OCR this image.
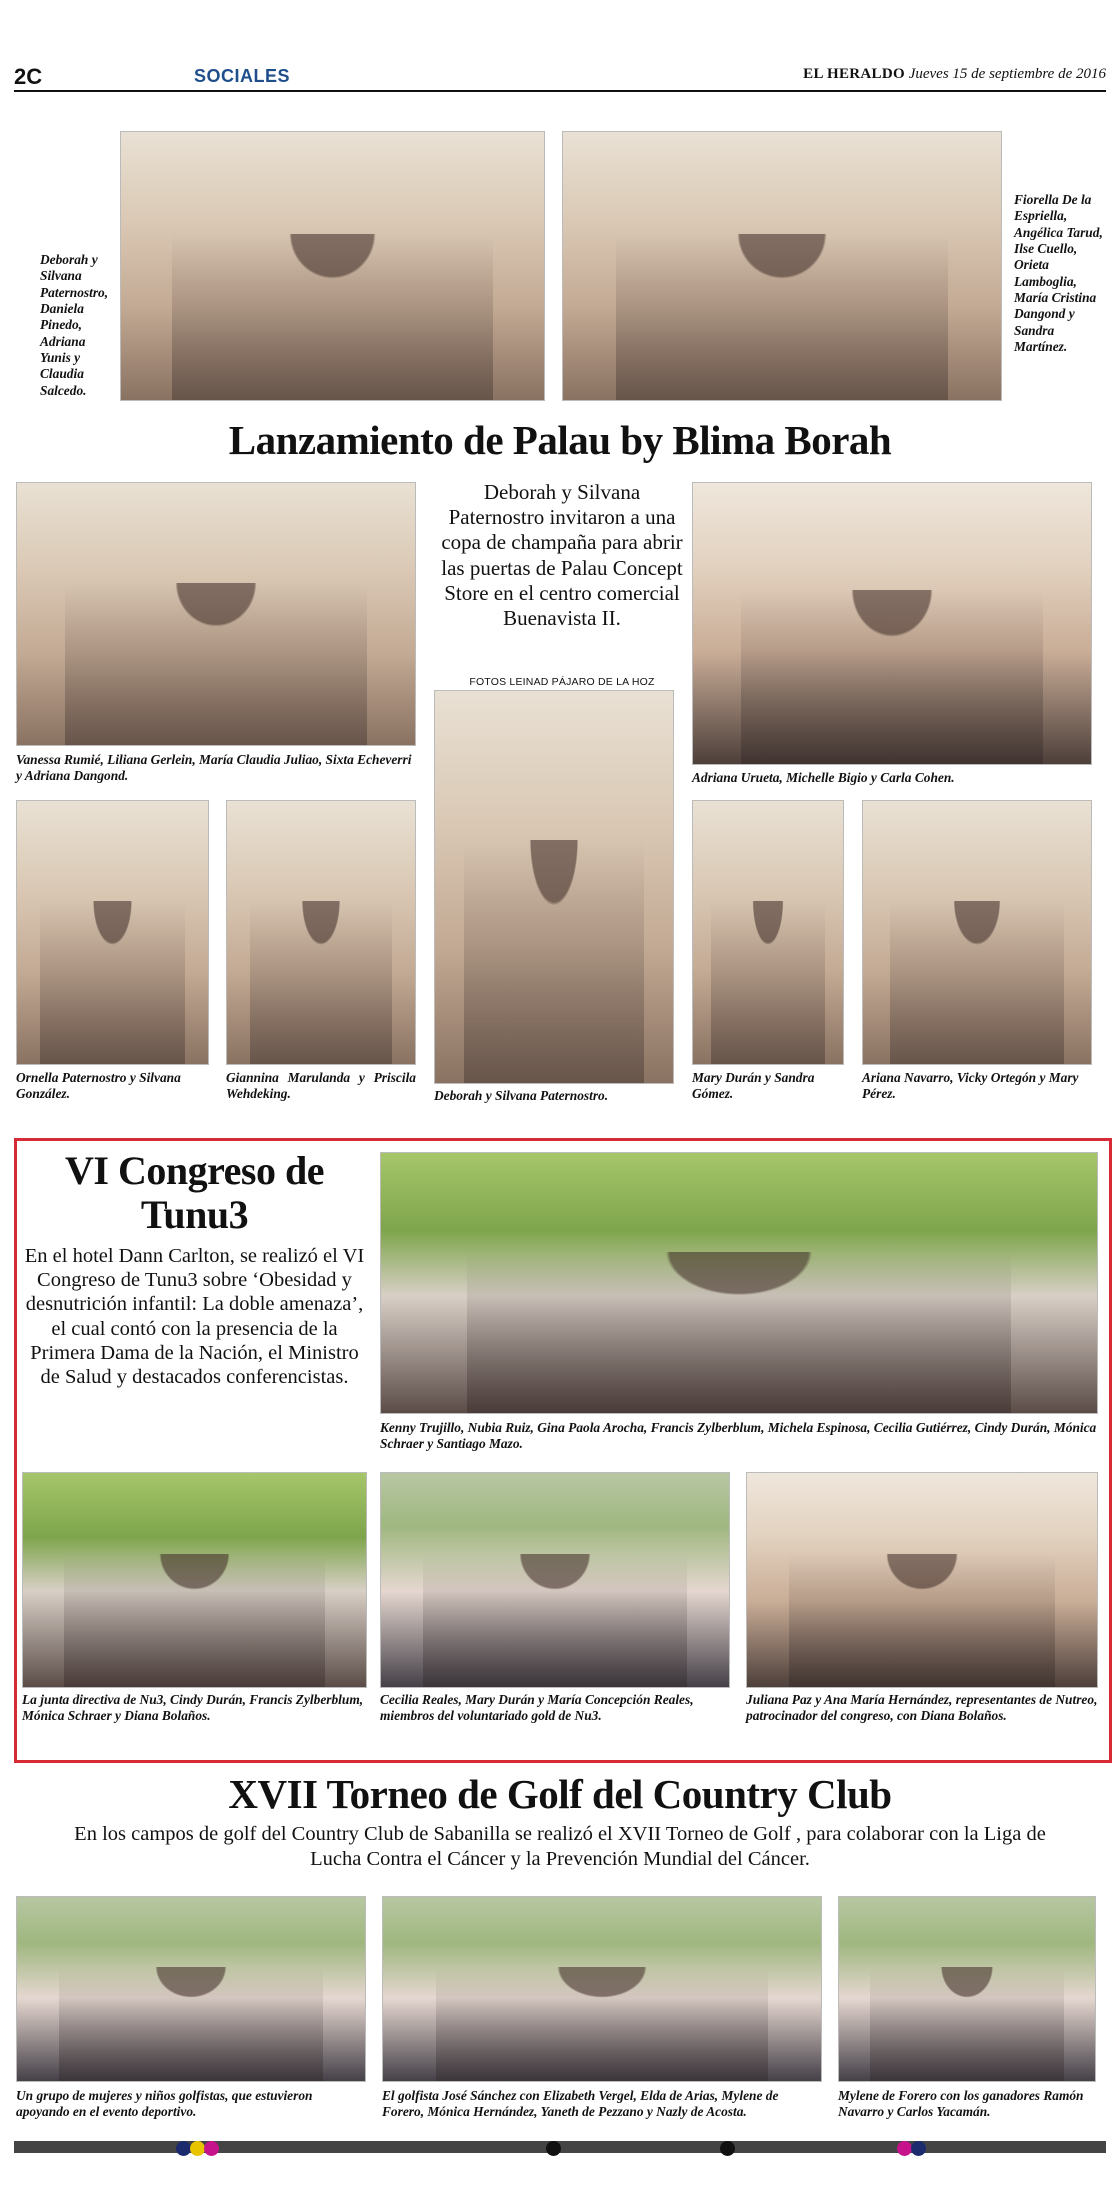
2C	SOCIALES	EL HERALDO Jueves 15 de septiembre de 2016
Deborah y Silvana Paternostro, Daniela Pinedo, Adriana Yunis y Claudia Salcedo.
Fiorella De la Espriella, Angélica Tarud, Ilse Cuello, Orieta Lamboglia, María Cristina Dangond y Sandra Martínez.
Lanzamiento de Palau by Blima Borah
Vanessa Rumié, Liliana Gerlein, María Claudia Juliao, Sixta Echeverri y Adriana Dangond.
Deborah y Silvana Paternostro invitaron a una copa de champaña para abrir las puertas de Palau Concept Store en el centro comercial Buenavista II.
FOTOS LEINAD PÁJARO DE LA HOZ
Adriana Urueta, Michelle Bigio y Carla Cohen.
Ornella Paternostro y Silvana González.
Giannina Marulanda y Priscila Wehdeking.	Deborah y Silvana Paternostro.
Mary Durán y Sandra Gómez.
Ariana Navarro, Vicky Ortegón y Mary Pérez.
VI Congreso de Tunu3
En el hotel Dann Carlton, se realizó el VI Congreso de Tunu3 sobre ‘Obesidad y desnutrición infantil: La doble amenaza’, el cual contó con la presencia de la Primera Dama de la Nación, el Ministro de Salud y destacados conferencistas.
Kenny Trujillo, Nubia Ruiz, Gina Paola Arocha, Francis Zylberblum, Michela Espinosa, Cecilia Gutiérrez, Cindy Durán, Mónica Schraer y Santiago Mazo.
La junta directiva de Nu3, Cindy Durán, Francis Zylberblum, Mónica Schraer y Diana Bolaños.
Cecilia Reales, Mary Durán y María Concepción Reales, miembros del voluntariado gold de Nu3.
Juliana Paz y Ana María Hernández, representantes de Nutreo, patrocinador del congreso, con Diana Bolaños.
XVII Torneo de Golf del Country Club
En los campos de golf del Country Club de Sabanilla se realizó el XVII Torneo de Golf , para colaborar con la Liga de Lucha Contra el Cáncer y la Prevención Mundial del Cáncer.
Un grupo de mujeres y niños golfistas, que estuvieron apoyando en el evento deportivo.
El golfista José Sánchez con Elizabeth Vergel, Elda de Arias, Mylene de Forero, Mónica Hernández, Yaneth de Pezzano y Nazly de Acosta.
Mylene de Forero con los ganadores Ramón Navarro y Carlos Yacamán.
